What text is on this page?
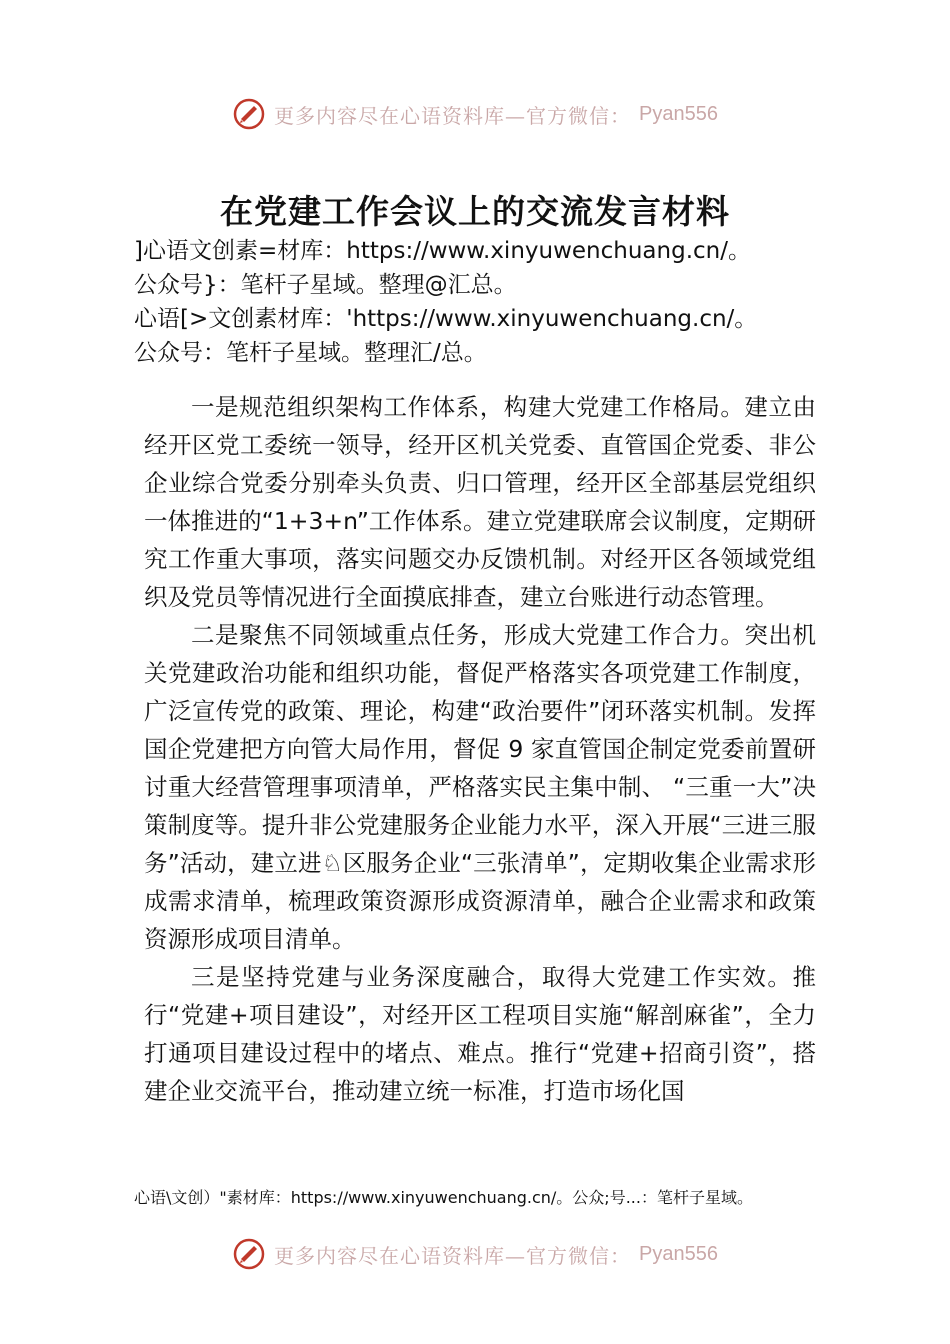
更多内容尽在心语资料库—官方微信： Pyan556
在党建工作会议上的交流发言材料
]心语文创素=材库：https://www.xinyuwenchuang.cn/。
公众号}：笔杆子星域。整理@汇总。
心语[>文创素材库：'https://www.xinyuwenchuang.cn/。
公众号：笔杆子星域。整理汇/总。

一是规范组织架构工作体系，构建大党建工作格局。建立由经开区党工委统一领导，经开区机关党委、直管国企党委、非公企业综合党委分别牵头负责、归口管理，经开区全部基层党组织一体推进的“1+3+n”工作体系。建立党建联席会议制度，定期研究工作重大事项，落实问题交办反馈机制。对经开区各领域党组织及党员等情况进行全面摸底排查，建立台账进行动态管理。

二是聚焦不同领域重点任务，形成大党建工作合力。突出机关党建政治功能和组织功能，督促严格落实各项党建工作制度，广泛宣传党的政策、理论，构建“政治要件”闭环落实机制。发挥国企党建把方向管大局作用，督促 9 家直管国企制定党委前置研讨重大经营管理事项清单，严格落实民主集中制、 “三重一大”决策制度等。提升非公党建服务企业能力水平，深入开展“三进三服务”活动，建立进♘区服务企业“三张清单”，定期收集企业需求形成需求清单，梳理政策资源形成资源清单，融合企业需求和政策资源形成项目清单。

三是坚持党建与业务深度融合，取得大党建工作实效。推行“党建+项目建设”，对经开区工程项目实施“解剖麻雀”，全力打通项目建设过程中的堵点、难点。推行“党建+招商引资”，搭建企业交流平台，推动建立统一标准，打造市场化国

心语\文创）"素材库：https://www.xinyuwenchuang.cn/。公众;号...：笔杆子星域。
更多内容尽在心语资料库—官方微信： Pyan556
